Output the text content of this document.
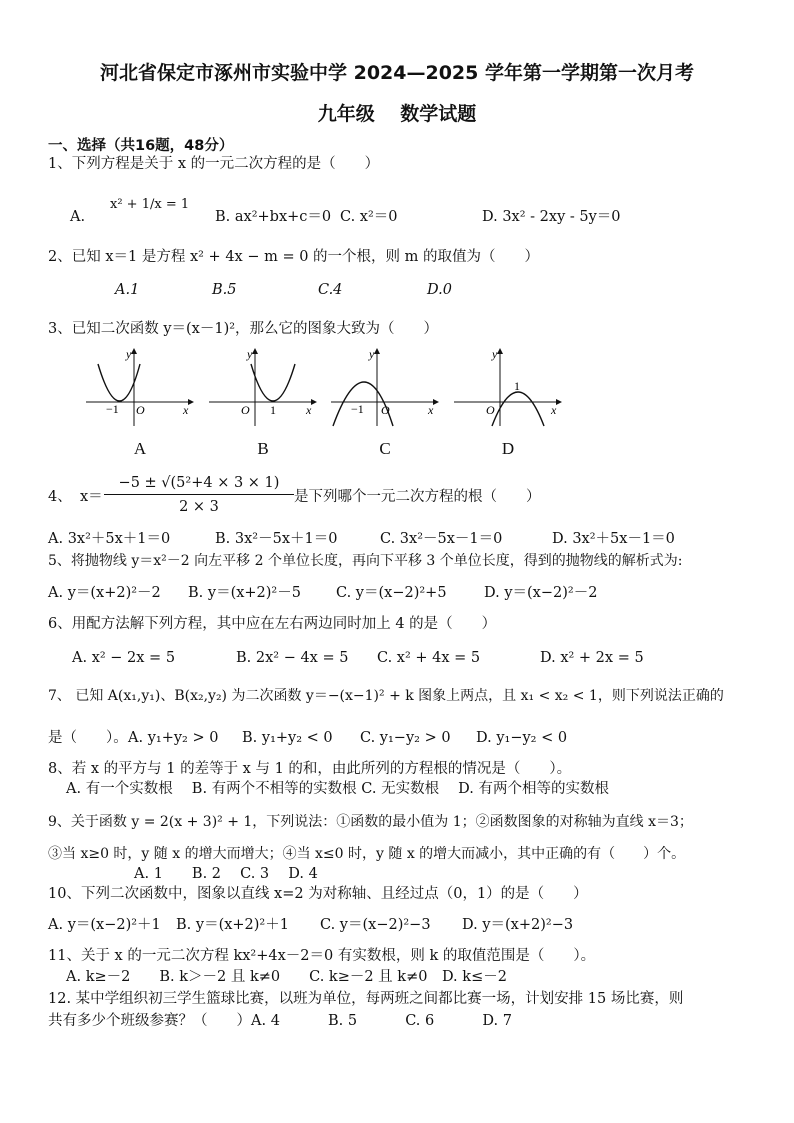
河北省保定市涿州市实验中学 2024—2025 学年第一学期第一次月考
九年级　 数学试题
一、选择（共16题，48分）
1、下列方程是关于 x 的一元二次方程的是（　　）
A.
x² + 1/x = 1
B. ax²+bx+c＝0 C. x²＝0	D. 3x² - 2xy - 5y＝0
2、已知 x＝1 是方程 x² + 4x − m = 0 的一个根，则 m 的取值为（　　）
A.1	B.5	C.4	D.0
3、已知二次函数 y＝(x－1)²，那么它的图象大致为（　　）
y
x
O
−1
A
y
x
O 1
B
y
x
O
−1
C
y
x
O
1
D
4、 x＝
−5 ± √(5²+4 × 3 × 1)
2 × 3
是下列哪个一元二次方程的根（　　）
A. 3x²＋5x＋1＝0	B. 3x²－5x＋1＝0	C. 3x²－5x－1＝0	D. 3x²＋5x－1＝0
5、将抛物线 y＝x²－2 向左平移 2 个单位长度，再向下平移 3 个单位长度，得到的抛物线的解析式为:
A. y＝(x+2)²－2 B. y＝(x+2)²－5 C. y＝(x−2)²+5	D. y＝(x−2)²－2
6、用配方法解下列方程，其中应在左右两边同时加上 4 的是（　　）
A. x² − 2x = 5	B. 2x² − 4x = 5 C. x² + 4x = 5	D. x² + 2x = 5
7、 已知 A(x₁,y₁)、B(x₂,y₂) 为二次函数 y＝−(x−1)² + k 图象上两点，且 x₁ < x₂ < 1，则下列说法正确的
是（　　）。 A. y₁+y₂ > 0 B. y₁+y₂ < 0 C. y₁−y₂ > 0 D. y₁−y₂ < 0
8、若 x 的平方与 1 的差等于 x 与 1 的和，由此所列的方程根的情况是（　　）。
A. 有一个实数根　 B. 有两个不相等的实数根 C. 无实数根　 D. 有两个相等的实数根
9、关于函数 y = 2(x + 3)² + 1，下列说法：①函数的最小值为 1；②函数图象的对称轴为直线 x＝3；
③当 x≥0 时，y 随 x 的增大而增大；④当 x≤0 时，y 随 x 的增大而减小，其中正确的有（　　）个。
A. 1　　B. 2　 C. 3　 D. 4
10、下列二次函数中，图象以直线 x=2 为对称轴、且经过点（0，1）的是（　　）
A. y＝(x−2)²＋1 B. y＝(x+2)²＋1 C. y＝(x−2)²−3 D. y＝(x+2)²−3
11、关于 x 的一元二次方程 kx²+4x－2＝0 有实数根，则 k 的取值范围是（　　）。
A. k≥－2　　B. k＞－2 且 k≠0　　C. k≥－2 且 k≠0　D. k≤－2
12. 某中学组织初三学生篮球比赛，以班为单位，每两班之间都比赛一场，计划安排 15 场比赛，则
共有多少个班级参赛？（　　）A. 4　　　 B. 5　　　 C. 6　　　 D. 7
